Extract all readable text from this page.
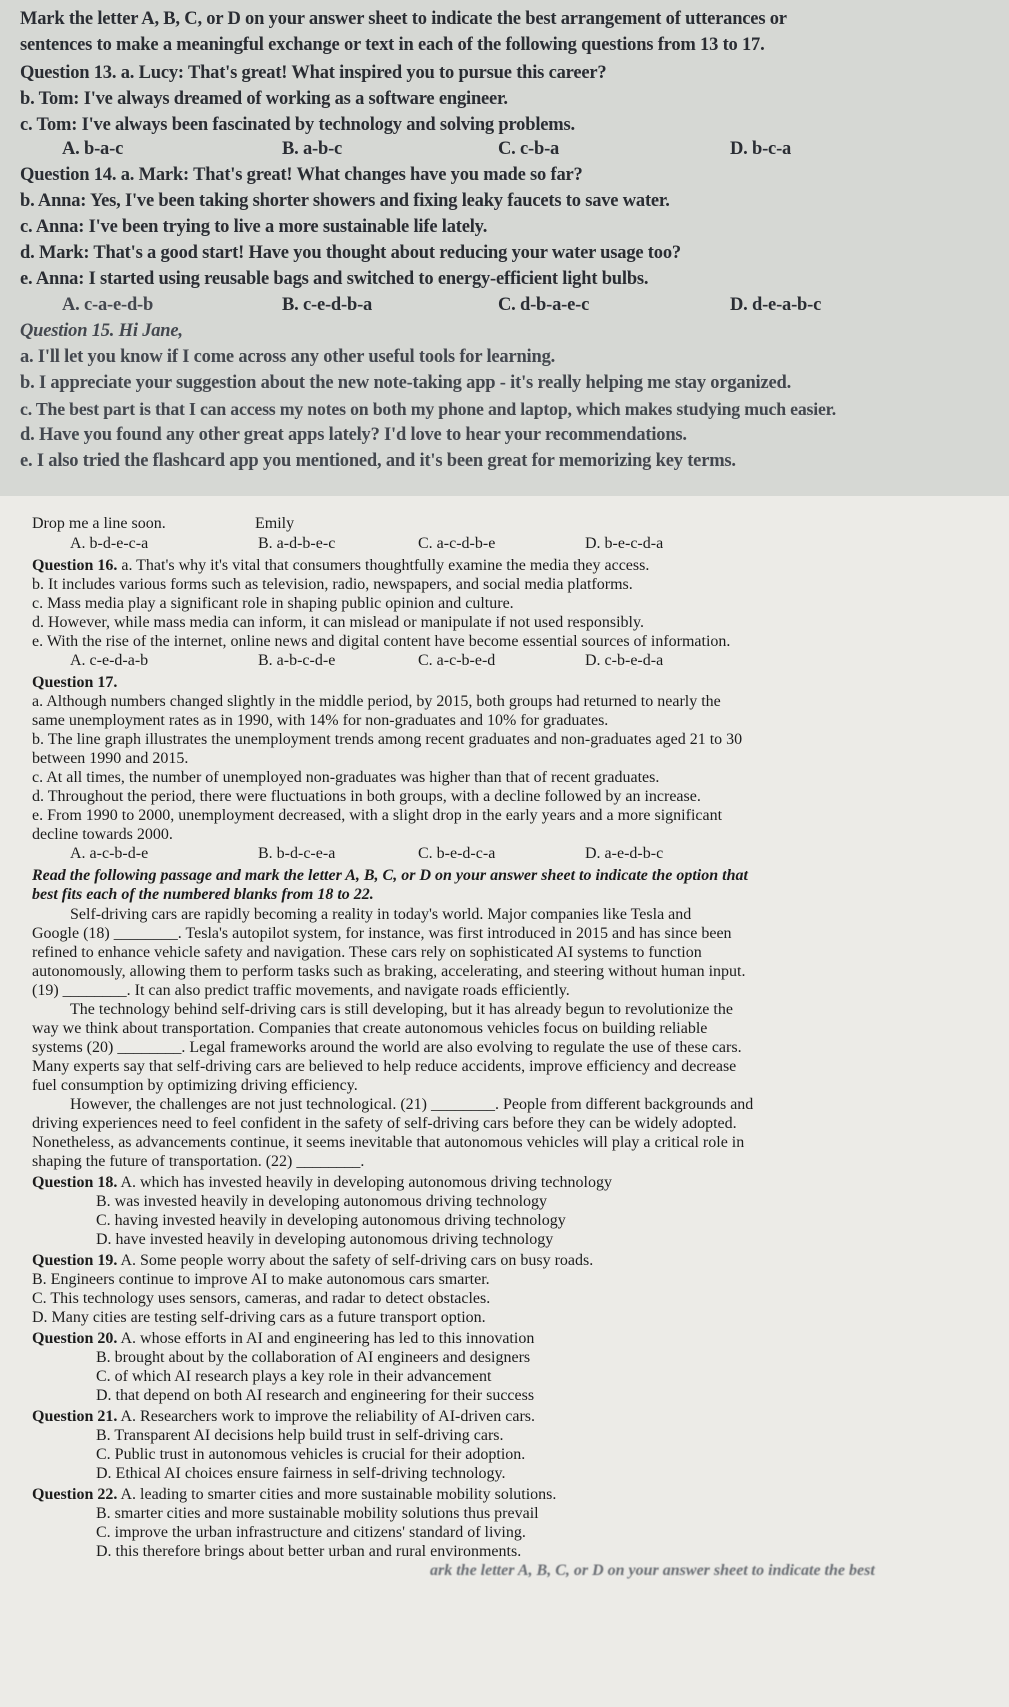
Mark the letter A, B, C, or D on your answer sheet to indicate the best arrangement of utterances or
sentences to make a meaningful exchange or text in each of the following questions from 13 to 17.
Question 13. a. Lucy: That's great! What inspired you to pursue this career?
b. Tom: I've always dreamed of working as a software engineer.
c. Tom: I've always been fascinated by technology and solving problems.
A. b-a-c	B. a-b-c	C. c-b-a	D. b-c-a
Question 14. a. Mark: That's great! What changes have you made so far?
b. Anna: Yes, I've been taking shorter showers and fixing leaky faucets to save water.
c. Anna: I've been trying to live a more sustainable life lately.
d. Mark: That's a good start! Have you thought about reducing your water usage too?
e. Anna: I started using reusable bags and switched to energy-efficient light bulbs.
A. c-a-e-d-b	B. c-e-d-b-a	C. d-b-a-e-c	D. d-e-a-b-c
Question 15. Hi Jane,
a. I'll let you know if I come across any other useful tools for learning.
b. I appreciate your suggestion about the new note-taking app - it's really helping me stay organized.
c. The best part is that I can access my notes on both my phone and laptop, which makes studying much easier.
d. Have you found any other great apps lately? I'd love to hear your recommendations.
e. I also tried the flashcard app you mentioned, and it's been great for memorizing key terms.
Drop me a line soon.	Emily
A. b-d-e-c-a	B. a-d-b-e-c	C. a-c-d-b-e	D. b-e-c-d-a
Question 16. a. That's why it's vital that consumers thoughtfully examine the media they access.
b. It includes various forms such as television, radio, newspapers, and social media platforms.
c. Mass media play a significant role in shaping public opinion and culture.
d. However, while mass media can inform, it can mislead or manipulate if not used responsibly.
e. With the rise of the internet, online news and digital content have become essential sources of information.
A. c-e-d-a-b	B. a-b-c-d-e	C. a-c-b-e-d	D. c-b-e-d-a
Question 17.
a. Although numbers changed slightly in the middle period, by 2015, both groups had returned to nearly the
same unemployment rates as in 1990, with 14% for non-graduates and 10% for graduates.
b. The line graph illustrates the unemployment trends among recent graduates and non-graduates aged 21 to 30
between 1990 and 2015.
c. At all times, the number of unemployed non-graduates was higher than that of recent graduates.
d. Throughout the period, there were fluctuations in both groups, with a decline followed by an increase.
e. From 1990 to 2000, unemployment decreased, with a slight drop in the early years and a more significant
decline towards 2000.
A. a-c-b-d-e	B. b-d-c-e-a	C. b-e-d-c-a	D. a-e-d-b-c
Read the following passage and mark the letter A, B, C, or D on your answer sheet to indicate the option that
best fits each of the numbered blanks from 18 to 22.
Self-driving cars are rapidly becoming a reality in today's world. Major companies like Tesla and
Google (18) ________. Tesla's autopilot system, for instance, was first introduced in 2015 and has since been
refined to enhance vehicle safety and navigation. These cars rely on sophisticated AI systems to function
autonomously, allowing them to perform tasks such as braking, accelerating, and steering without human input.
(19) ________. It can also predict traffic movements, and navigate roads efficiently.
The technology behind self-driving cars is still developing, but it has already begun to revolutionize the
way we think about transportation. Companies that create autonomous vehicles focus on building reliable
systems (20) ________. Legal frameworks around the world are also evolving to regulate the use of these cars.
Many experts say that self-driving cars are believed to help reduce accidents, improve efficiency and decrease
fuel consumption by optimizing driving efficiency.
However, the challenges are not just technological. (21) ________. People from different backgrounds and
driving experiences need to feel confident in the safety of self-driving cars before they can be widely adopted.
Nonetheless, as advancements continue, it seems inevitable that autonomous vehicles will play a critical role in
shaping the future of transportation. (22) ________.
Question 18. A. which has invested heavily in developing autonomous driving technology
B. was invested heavily in developing autonomous driving technology
C. having invested heavily in developing autonomous driving technology
D. have invested heavily in developing autonomous driving technology
Question 19. A. Some people worry about the safety of self-driving cars on busy roads.
B. Engineers continue to improve AI to make autonomous cars smarter.
C. This technology uses sensors, cameras, and radar to detect obstacles.
D. Many cities are testing self-driving cars as a future transport option.
Question 20. A. whose efforts in AI and engineering has led to this innovation
B. brought about by the collaboration of AI engineers and designers
C. of which AI research plays a key role in their advancement
D. that depend on both AI research and engineering for their success
Question 21. A. Researchers work to improve the reliability of AI-driven cars.
B. Transparent AI decisions help build trust in self-driving cars.
C. Public trust in autonomous vehicles is crucial for their adoption.
D. Ethical AI choices ensure fairness in self-driving technology.
Question 22. A. leading to smarter cities and more sustainable mobility solutions.
B. smarter cities and more sustainable mobility solutions thus prevail
C. improve the urban infrastructure and citizens' standard of living.
D. this therefore brings about better urban and rural environments.
ark the letter A, B, C, or D on your answer sheet to indicate the best
